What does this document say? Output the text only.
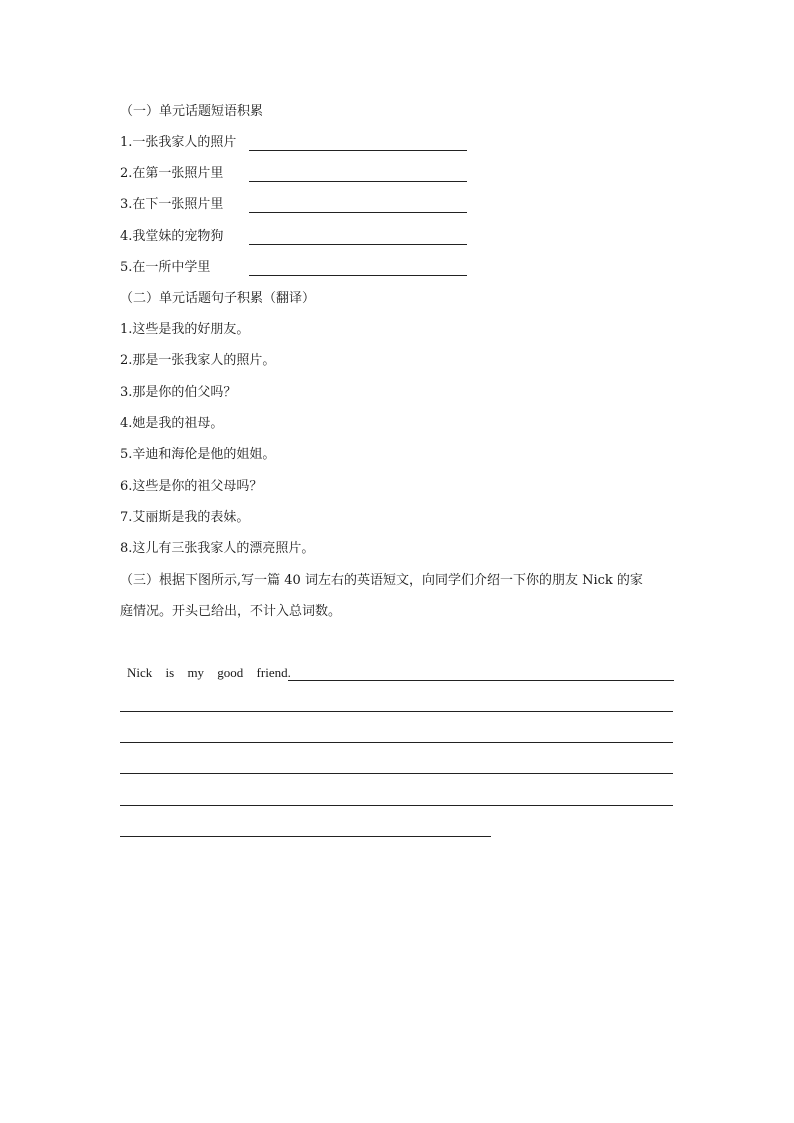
（一）单元话题短语积累
1.一张我家人的照片
2.在第一张照片里
3.在下一张照片里
4.我堂妹的宠物狗
5.在一所中学里
（二）单元话题句子积累（翻译）
1.这些是我的好朋友。
2.那是一张我家人的照片。
3.那是你的伯父吗？
4.她是我的祖母。
5.辛迪和海伦是他的姐姐。
6.这些是你的祖父母吗？
7.艾丽斯是我的表妹。
8.这儿有三张我家人的漂亮照片。
（三）根据下图所示,写一篇 40 词左右的英语短文，向同学们介绍一下你的朋友 Nick 的家
庭情况。开头已给出，不计入总词数。
Nick is my good friend.
